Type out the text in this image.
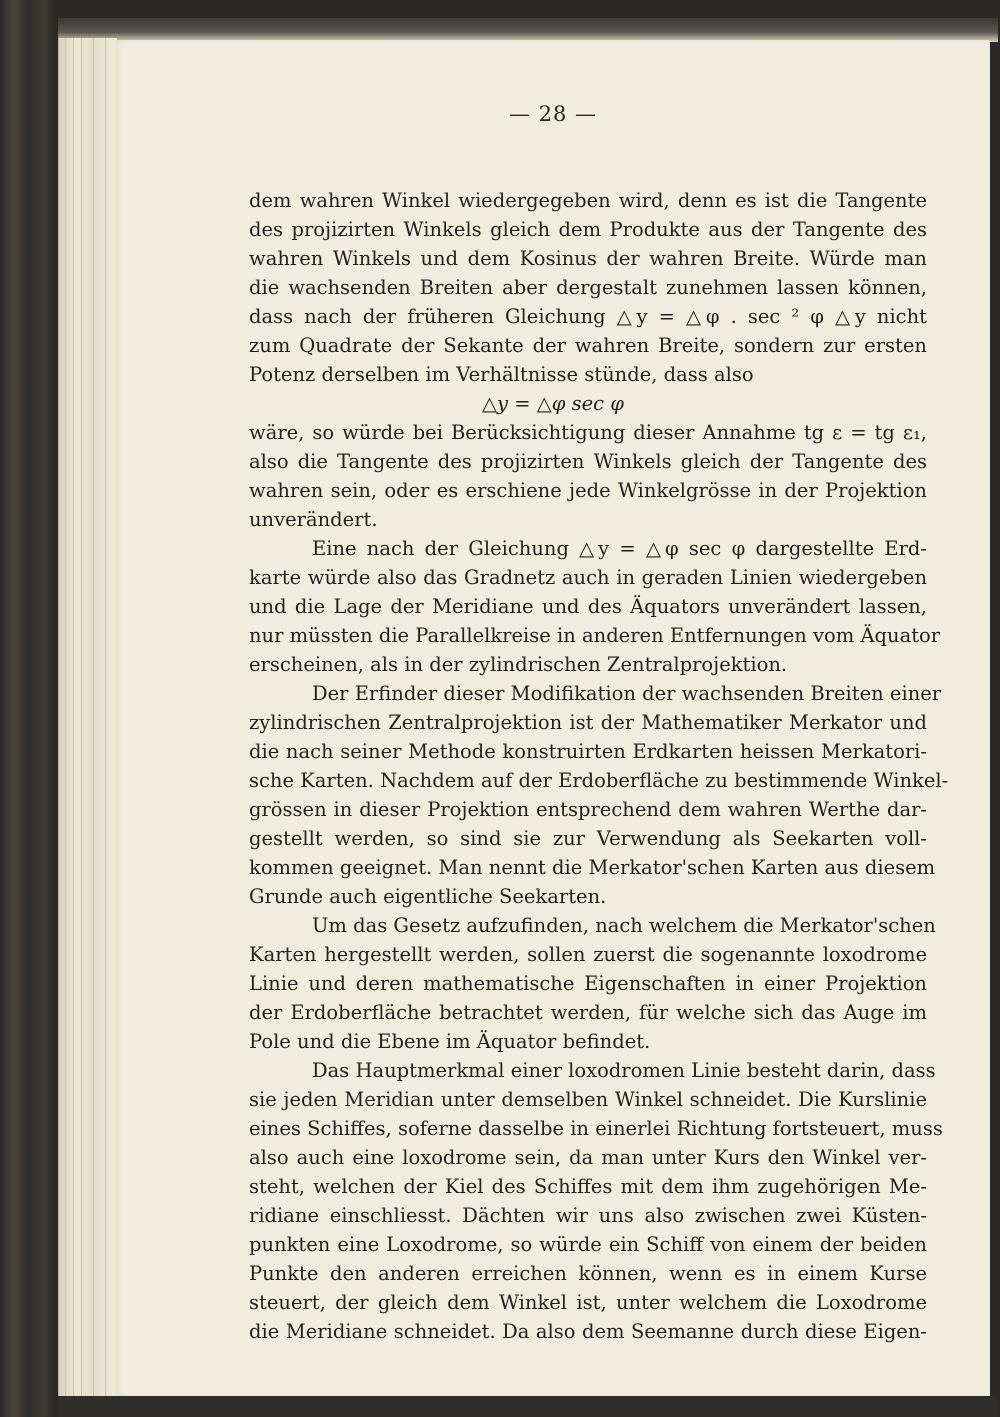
— 28 —
dem wahren Winkel wiedergegeben wird, denn es ist die Tangente
des projizirten Winkels gleich dem Produkte aus der Tangente des
wahren Winkels und dem Kosinus der wahren Breite. Würde man
die wachsenden Breiten aber dergestalt zunehmen lassen können,
dass nach der früheren Gleichung △y = △φ . sec ² φ △y nicht
zum Quadrate der Sekante der wahren Breite, sondern zur ersten
Potenz derselben im Verhältnisse stünde, dass also
△y = △φ sec φ
wäre, so würde bei Berücksichtigung dieser Annahme tg ε = tg ε₁,
also die Tangente des projizirten Winkels gleich der Tangente des
wahren sein, oder es erschiene jede Winkelgrösse in der Projektion
unverändert.
Eine nach der Gleichung △y = △φ sec φ dargestellte Erd-
karte würde also das Gradnetz auch in geraden Linien wiedergeben
und die Lage der Meridiane und des Äquators unverändert lassen,
nur müssten die Parallelkreise in anderen Entfernungen vom Äquator
erscheinen, als in der zylindrischen Zentralprojektion.
Der Erfinder dieser Modifikation der wachsenden Breiten einer
zylindrischen Zentralprojektion ist der Mathematiker Merkator und
die nach seiner Methode konstruirten Erdkarten heissen Merkatori-
sche Karten. Nachdem auf der Erdoberfläche zu bestimmende Winkel-
grössen in dieser Projektion entsprechend dem wahren Werthe dar-
gestellt werden, so sind sie zur Verwendung als Seekarten voll-
kommen geeignet. Man nennt die Merkator'schen Karten aus diesem
Grunde auch eigentliche Seekarten.
Um das Gesetz aufzufinden, nach welchem die Merkator'schen
Karten hergestellt werden, sollen zuerst die sogenannte loxodrome
Linie und deren mathematische Eigenschaften in einer Projektion
der Erdoberfläche betrachtet werden, für welche sich das Auge im
Pole und die Ebene im Äquator befindet.
Das Hauptmerkmal einer loxodromen Linie besteht darin, dass
sie jeden Meridian unter demselben Winkel schneidet. Die Kurslinie
eines Schiffes, soferne dasselbe in einerlei Richtung fortsteuert, muss
also auch eine loxodrome sein, da man unter Kurs den Winkel ver-
steht, welchen der Kiel des Schiffes mit dem ihm zugehörigen Me-
ridiane einschliesst. Dächten wir uns also zwischen zwei Küsten-
punkten eine Loxodrome, so würde ein Schiff von einem der beiden
Punkte den anderen erreichen können, wenn es in einem Kurse
steuert, der gleich dem Winkel ist, unter welchem die Loxodrome
die Meridiane schneidet. Da also dem Seemanne durch diese Eigen-
